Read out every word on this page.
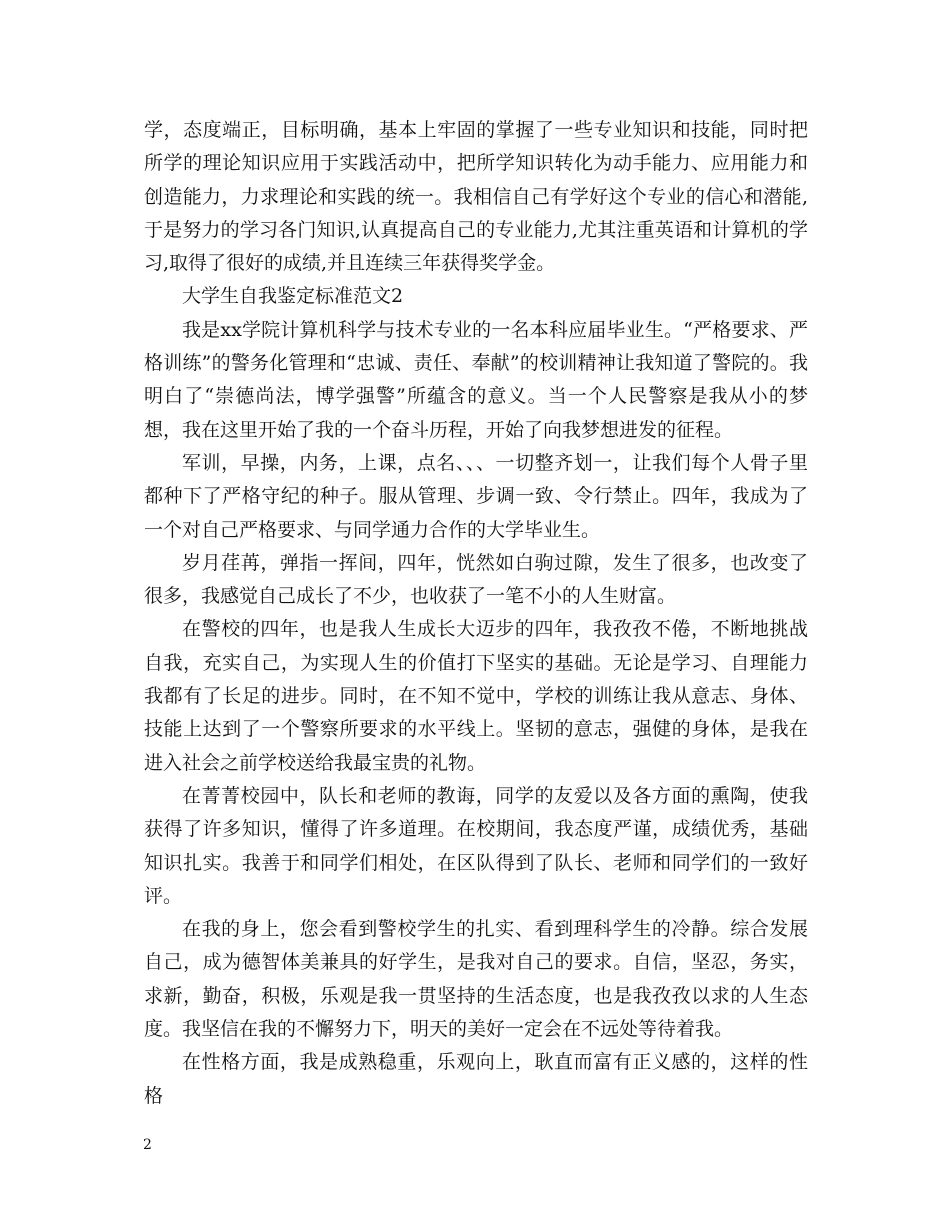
学，态度端正，目标明确，基本上牢固的掌握了一些专业知识和技能，同时把所学的理论知识应用于实践活动中，把所学知识转化为动手能力、应用能力和创造能力，力求理论和实践的统一。我相信自己有学好这个专业的信心和潜能,于是努力的学习各门知识,认真提高自己的专业能力,尤其注重英语和计算机的学习,取得了很好的成绩,并且连续三年获得奖学金。

大学生自我鉴定标准范文2

我是xx学院计算机科学与技术专业的一名本科应届毕业生。“严格要求、严格训练”的警务化管理和“忠诚、责任、奉献”的校训精神让我知道了警院的。我明白了“崇德尚法，博学强警”所蕴含的意义。当一个人民警察是我从小的梦想，我在这里开始了我的一个奋斗历程，开始了向我梦想进发的征程。

军训，早操，内务，上课，点名、、、一切整齐划一，让我们每个人骨子里都种下了严格守纪的种子。服从管理、步调一致、令行禁止。四年，我成为了一个对自己严格要求、与同学通力合作的大学毕业生。

岁月荏苒，弹指一挥间，四年，恍然如白驹过隙，发生了很多，也改变了很多，我感觉自己成长了不少，也收获了一笔不小的人生财富。

在警校的四年，也是我人生成长大迈步的四年，我孜孜不倦，不断地挑战自我，充实自己，为实现人生的价值打下坚实的基础。无论是学习、自理能力我都有了长足的进步。同时，在不知不觉中，学校的训练让我从意志、身体、技能上达到了一个警察所要求的水平线上。坚韧的意志，强健的身体，是我在进入社会之前学校送给我最宝贵的礼物。

在菁菁校园中，队长和老师的教诲，同学的友爱以及各方面的熏陶，使我获得了许多知识，懂得了许多道理。在校期间，我态度严谨，成绩优秀，基础知识扎实。我善于和同学们相处，在区队得到了队长、老师和同学们的一致好评。

在我的身上，您会看到警校学生的扎实、看到理科学生的冷静。综合发展自己，成为德智体美兼具的好学生，是我对自己的要求。自信，坚忍，务实，求新，勤奋，积极，乐观是我一贯坚持的生活态度，也是我孜孜以求的人生态度。我坚信在我的不懈努力下，明天的美好一定会在不远处等待着我。

在性格方面，我是成熟稳重，乐观向上，耿直而富有正义感的，这样的性格

2
